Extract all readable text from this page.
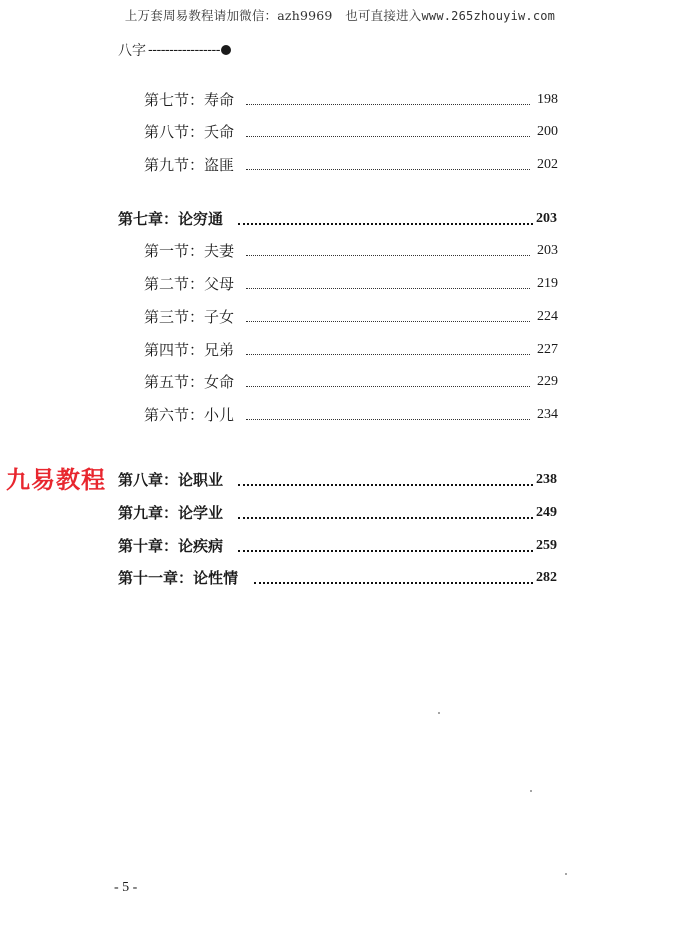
上万套周易教程请加微信：azh9969　也可直接进入www.265zhouyiw.com
八字 -----------------
第七节：寿命	198
第八节：夭命	200
第九节：盗匪	202
第七章：论穷通	203
第一节：夫妻	203
第二节：父母	219
第三节：子女	224
第四节：兄弟	227
第五节：女命	229
第六节：小儿	234
第八章：论职业	238
第九章：论学业	249
第十章：论疾病	259
第十一章：论性情	282
九易教程
- 5 -
